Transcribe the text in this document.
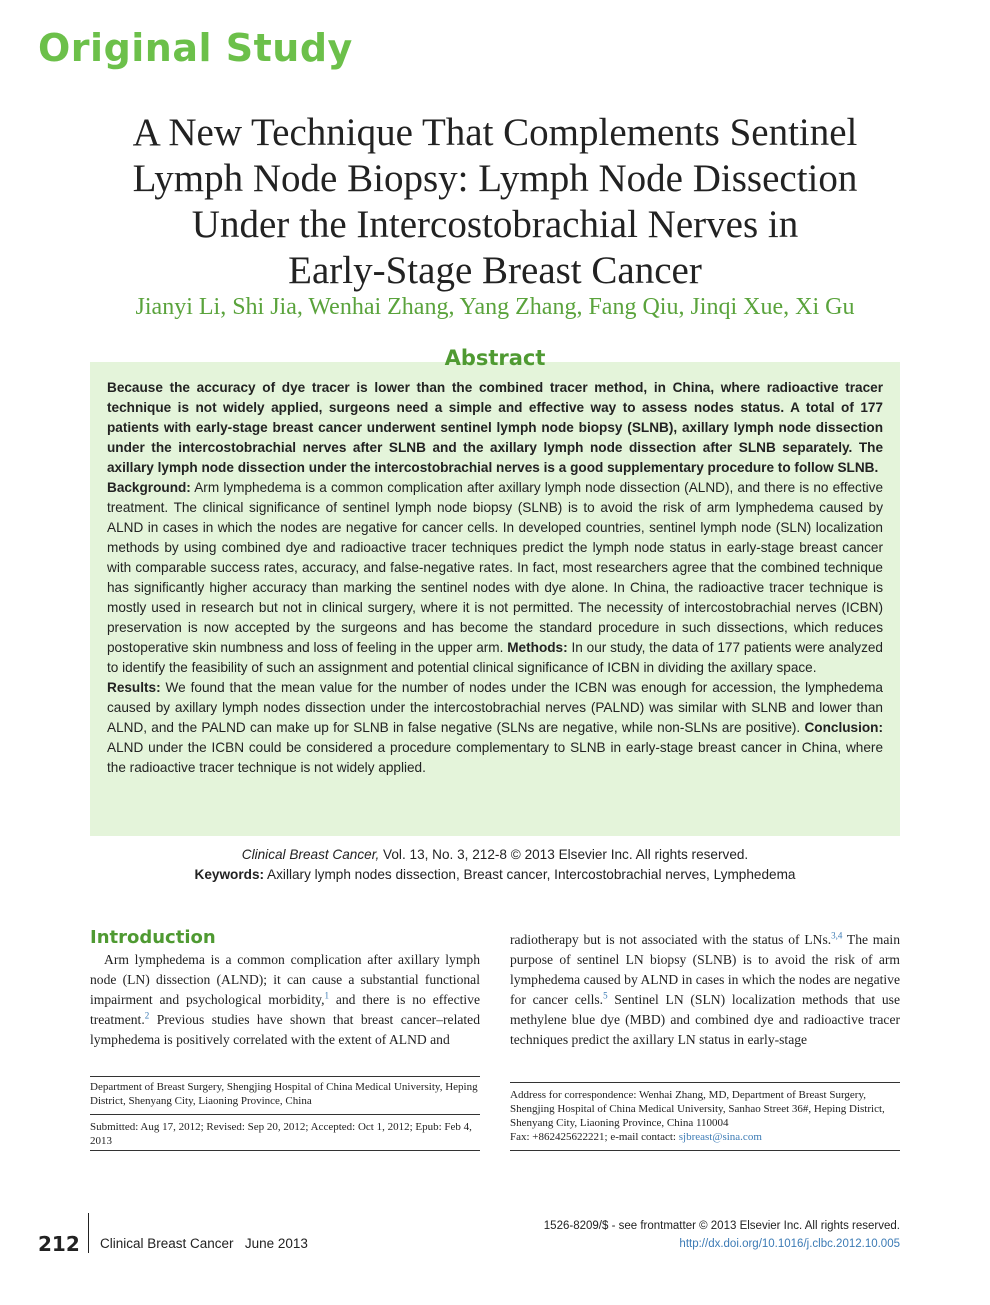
Original Study
A New Technique That Complements Sentinel
Lymph Node Biopsy: Lymph Node Dissection
Under the Intercostobrachial Nerves in
Early-Stage Breast Cancer
Jianyi Li, Shi Jia, Wenhai Zhang, Yang Zhang, Fang Qiu, Jinqi Xue, Xi Gu
Abstract

Because the accuracy of dye tracer is lower than the combined tracer method, in China, where radioactive tracer technique is not widely applied, surgeons need a simple and effective way to assess nodes status. A total of 177 patients with early-stage breast cancer underwent sentinel lymph node biopsy (SLNB), axillary lymph node dissection under the intercostobrachial nerves after SLNB and the axillary lymph node dissection after SLNB separately. The axillary lymph node dissection under the intercostobrachial nerves is a good supplementary procedure to follow SLNB.

Background: Arm lymphedema is a common complication after axillary lymph node dissection (ALND), and there is no effective treatment. The clinical significance of sentinel lymph node biopsy (SLNB) is to avoid the risk of arm lymphedema caused by ALND in cases in which the nodes are negative for cancer cells. In developed countries, sentinel lymph node (SLN) localization methods by using combined dye and radioactive tracer techniques predict the lymph node status in early-stage breast cancer with comparable success rates, accuracy, and false-negative rates. In fact, most researchers agree that the combined technique has significantly higher accuracy than marking the sentinel nodes with dye alone. In China, the radioactive tracer technique is mostly used in research but not in clinical surgery, where it is not permitted. The necessity of intercostobrachial nerves (ICBN) preservation is now accepted by the surgeons and has become the standard procedure in such dissections, which reduces postoperative skin numbness and loss of feeling in the upper arm. Methods: In our study, the data of 177 patients were analyzed to identify the feasibility of such an assignment and potential clinical significance of ICBN in dividing the axillary space.
Results: We found that the mean value for the number of nodes under the ICBN was enough for accession, the lymphedema caused by axillary lymph nodes dissection under the intercostobrachial nerves (PALND) was similar with SLNB and lower than ALND, and the PALND can make up for SLNB in false negative (SLNs are negative, while non-SLNs are positive). Conclusion: ALND under the ICBN could be considered a procedure complementary to SLNB in early-stage breast cancer in China, where the radioactive tracer technique is not widely applied.

Clinical Breast Cancer, Vol. 13, No. 3, 212-8 © 2013 Elsevier Inc. All rights reserved.
Keywords: Axillary lymph nodes dissection, Breast cancer, Intercostobrachial nerves, Lymphedema
Introduction
Arm lymphedema is a common complication after axillary lymph node (LN) dissection (ALND); it can cause a substantial functional impairment and psychological morbidity,$^1$ and there is no effective treatment.$^2$ Previous studies have shown that breast cancer–related lymphedema is positively correlated with the extent of ALND and
radiotherapy but is not associated with the status of LNs.$^{3,4}$ The main purpose of sentinel LN biopsy (SLNB) is to avoid the risk of arm lymphedema caused by ALND in cases in which the nodes are negative for cancer cells.$^5$ Sentinel LN (SLN) localization methods that use methylene blue dye (MBD) and combined dye and radioactive tracer techniques predict the axillary LN status in early-stage
Department of Breast Surgery, Shengjing Hospital of China Medical University, Heping District, Shenyang City, Liaoning Province, China
Submitted: Aug 17, 2012; Revised: Sep 20, 2012; Accepted: Oct 1, 2012; Epub: Feb 4, 2013
Address for correspondence: Wenhai Zhang, MD, Department of Breast Surgery, Shengjing Hospital of China Medical University, Sanhao Street 36#, Heping District, Shenyang City, Liaoning Province, China 110004
Fax: +862425622221; e-mail contact: sjbreast@sina.com
212 Clinical Breast Cancer June 2013
1526-8209/$ - see frontmatter © 2013 Elsevier Inc. All rights reserved.
http://dx.doi.org/10.1016/j.clbc.2012.10.005
